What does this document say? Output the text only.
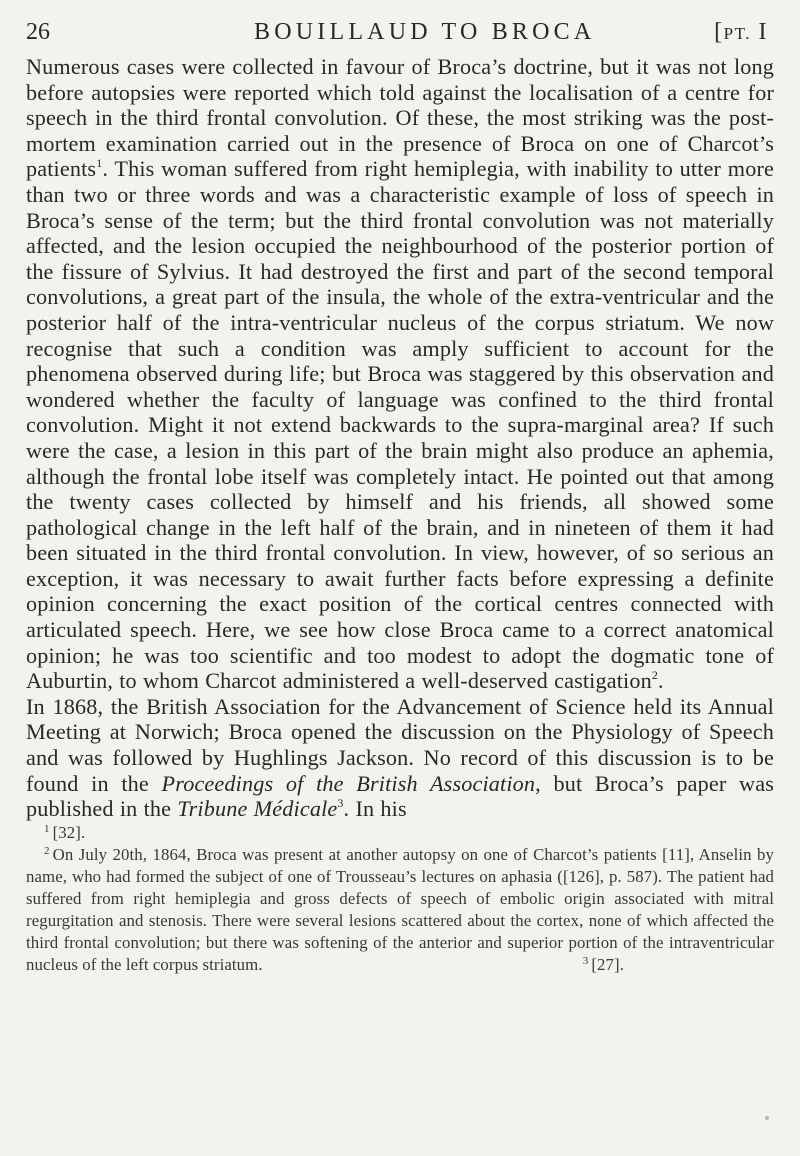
26	BOUILLAUD TO BROCA	[PT. I

Numerous cases were collected in favour of Broca’s doctrine, but it was not long before autopsies were reported which told against the localisation of a centre for speech in the third frontal convolution. Of these, the most striking was the post-mortem examination carried out in the presence of Broca on one of Charcot’s patients$^1$. This woman suffered from right hemiplegia, with inability to utter more than two or three words and was a characteristic example of loss of speech in Broca’s sense of the term; but the third frontal convolution was not materially affected, and the lesion occupied the neighbourhood of the posterior portion of the fissure of Sylvius. It had destroyed the first and part of the second temporal convolutions, a great part of the insula, the whole of the extra-ventricular and the posterior half of the intra-ventricular nucleus of the corpus striatum. We now recognise that such a condition was amply sufficient to account for the phenomena observed during life; but Broca was staggered by this observation and wondered whether the faculty of language was confined to the third frontal convolution. Might it not extend backwards to the supra-marginal area? If such were the case, a lesion in this part of the brain might also produce an aphemia, although the frontal lobe itself was completely intact. He pointed out that among the twenty cases collected by himself and his friends, all showed some pathological change in the left half of the brain, and in nineteen of them it had been situated in the third frontal convolution. In view, however, of so serious an exception, it was necessary to await further facts before expressing a definite opinion concerning the exact position of the cortical centres connected with articulated speech. Here, we see how close Broca came to a correct anatomical opinion; he was too scientific and too modest to adopt the dogmatic tone of Auburtin, to whom Charcot administered a well-deserved castigation$^2$.

In 1868, the British Association for the Advancement of Science held its Annual Meeting at Norwich; Broca opened the discussion on the Physiology of Speech and was followed by Hughlings Jackson. No record of this discussion is to be found in the Proceedings of the British Association, but Broca’s paper was published in the Tribune Médicale$^3$. In his

$^1$ [32].

$^2$ On July 20th, 1864, Broca was present at another autopsy on one of Charcot’s patients [11], Anselin by name, who had formed the subject of one of Trousseau’s lectures on aphasia ([126], p. 587). The patient had suffered from right hemiplegia and gross defects of speech of embolic origin associated with mitral regurgitation and stenosis. There were several lesions scattered about the cortex, none of which affected the third frontal convolution; but there was softening of the anterior and superior portion of the intraventricular nucleus of the left corpus striatum.	$^3$ [27].
